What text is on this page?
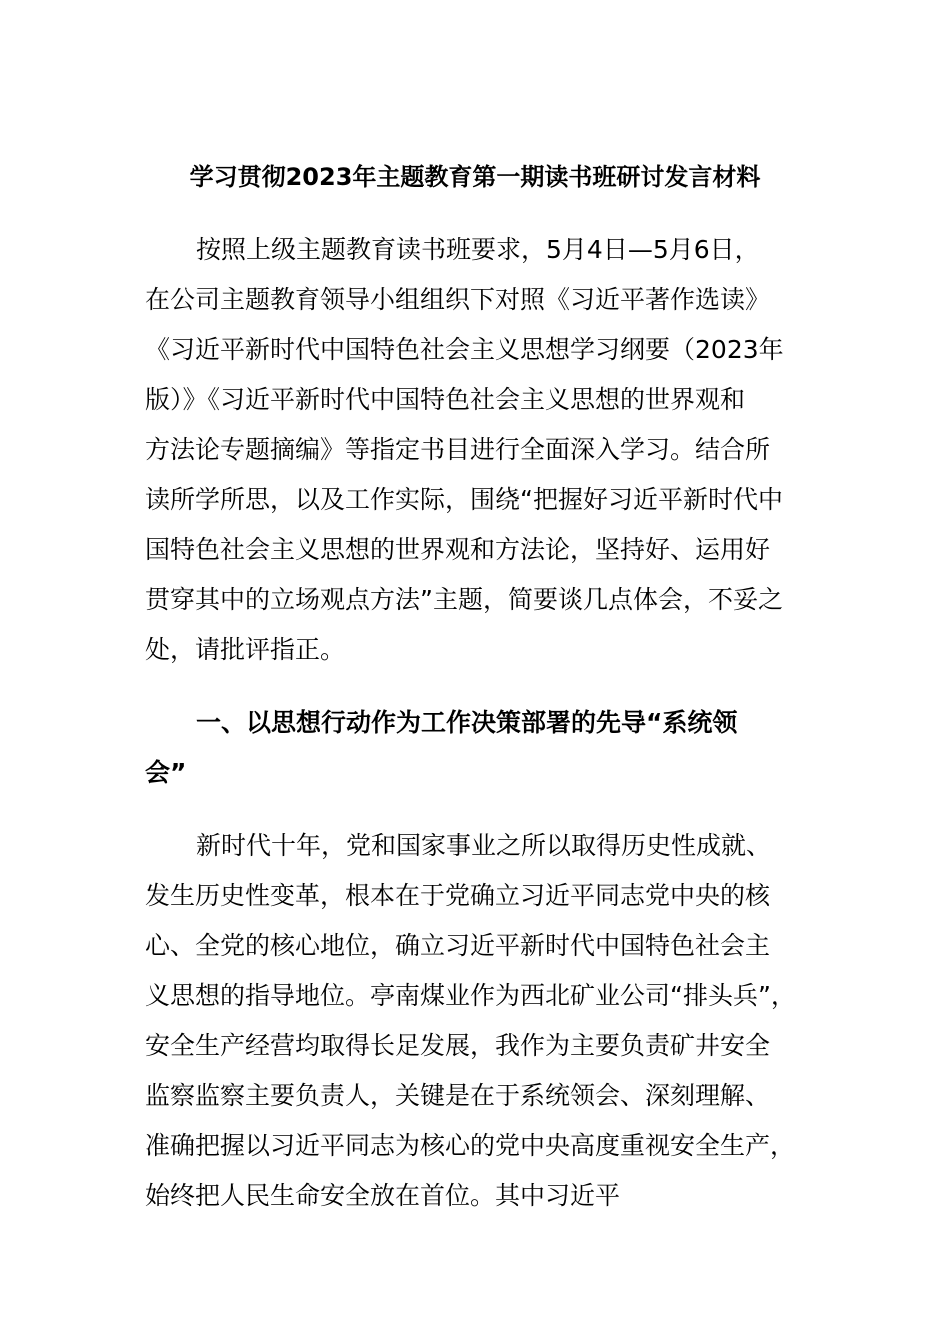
学习贯彻2023年主题教育第一期读书班研讨发言材料
按照上级主题教育读书班要求，5月4日—5月6日，
在公司主题教育领导小组组织下对照《习近平著作选读》
《习近平新时代中国特色社会主义思想学习纲要（2023年
版）》《习近平新时代中国特色社会主义思想的世界观和
方法论专题摘编》等指定书目进行全面深入学习。结合所
读所学所思，以及工作实际，围绕“把握好习近平新时代中
国特色社会主义思想的世界观和方法论，坚持好、运用好
贯穿其中的立场观点方法”主题，简要谈几点体会，不妥之
处，请批评指正。
一、以思想行动作为工作决策部署的先导“系统领
会”
新时代十年，党和国家事业之所以取得历史性成就、
发生历史性变革，根本在于党确立习近平同志党中央的核
心、全党的核心地位，确立习近平新时代中国特色社会主
义思想的指导地位。亭南煤业作为西北矿业公司“排头兵”，
安全生产经营均取得长足发展，我作为主要负责矿井安全
监察监察主要负责人，关键是在于系统领会、深刻理解、
准确把握以习近平同志为核心的党中央高度重视安全生产，
始终把人民生命安全放在首位。其中习近平
